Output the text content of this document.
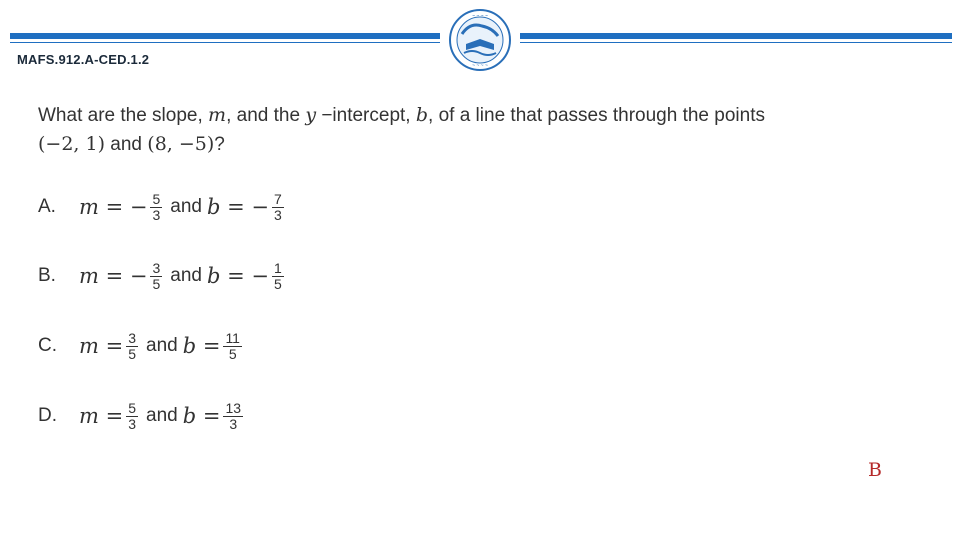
~ ~ ~ ~
~ ~ ~ ~
MAFS.912.A-CED.1.2
What are the slope, m, and the y −intercept, b, of a line that passes through the points
(−2, 1) and (8, −5)?
A.	m = − $\frac{5}{3}$ and b = − $\frac{7}{3}$
B.	m = − $\frac{3}{5}$ and b = − $\frac{1}{5}$
C.	$m = \frac{3}{5}$ and $b = \frac{11}{5}$
D.	$m = \frac{5}{3}$ and $b = \frac{13}{3}$
B
